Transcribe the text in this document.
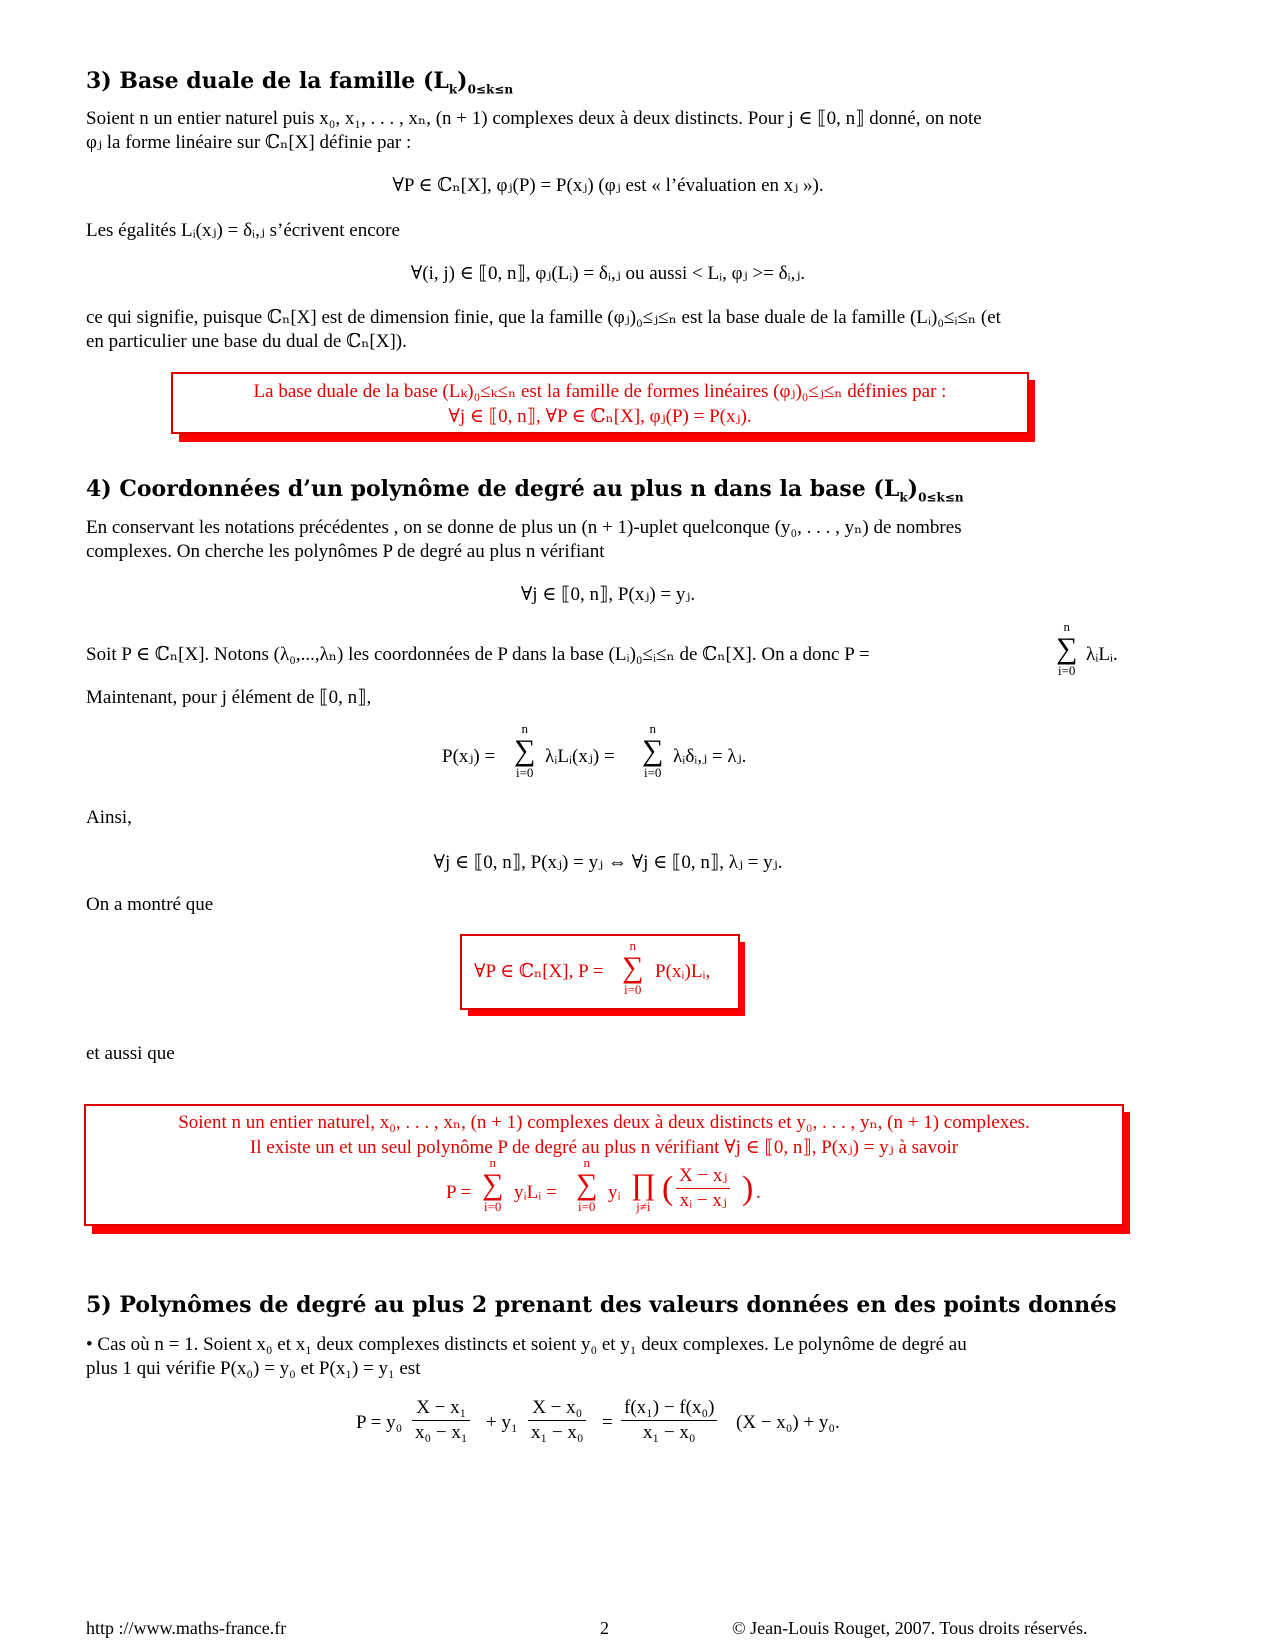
3) Base duale de la famille $(L_k)_{0\le k\le n}$
Soient n un entier naturel puis x₀, x₁, . . . , xₙ, (n + 1) complexes deux à deux distincts. Pour j ∈ ⟦0, n⟧ donné, on note
φⱼ la forme linéaire sur ℂₙ[X] définie par :
∀P ∈ ℂₙ[X], φⱼ(P) = P(xⱼ) (φⱼ est « l’évaluation en xⱼ »).
Les égalités Lᵢ(xⱼ) = δᵢ,ⱼ s’écrivent encore
∀(i, j) ∈ ⟦0, n⟧, φⱼ(Lᵢ) = δᵢ,ⱼ ou aussi < Lᵢ, φⱼ >= δᵢ,ⱼ.
ce qui signifie, puisque ℂₙ[X] est de dimension finie, que la famille (φⱼ)₀≤ⱼ≤ₙ est la base duale de la famille (Lᵢ)₀≤ᵢ≤ₙ (et
en particulier une base du dual de ℂₙ[X]).
La base duale de la base (Lₖ)₀≤ₖ≤ₙ est la famille de formes linéaires (φⱼ)₀≤ⱼ≤ₙ définies par :
∀j ∈ ⟦0, n⟧, ∀P ∈ ℂₙ[X], φⱼ(P) = P(xⱼ).
4) Coordonnées d’un polynôme de degré au plus n dans la base $(L_k)_{0\le k\le n}$
En conservant les notations précédentes , on se donne de plus un (n + 1)-uplet quelconque (y₀, . . . , yₙ) de nombres
complexes. On cherche les polynômes P de degré au plus n vérifiant
∀j ∈ ⟦0, n⟧, P(xⱼ) = yⱼ.
Soit P ∈ ℂₙ[X]. Notons (λ₀,...,λₙ) les coordonnées de P dans la base (Lᵢ)₀≤ᵢ≤ₙ de ℂₙ[X]. On a donc P =
n
∑
i=0
λᵢLᵢ.
Maintenant, pour j élément de ⟦0, n⟧,
P(xⱼ) =
n
∑
i=0
λᵢLᵢ(xⱼ) =
n
∑
i=0
λᵢδᵢ,ⱼ = λⱼ.
Ainsi,
∀j ∈ ⟦0, n⟧, P(xⱼ) = yⱼ ⇔ ∀j ∈ ⟦0, n⟧, λⱼ = yⱼ.
On a montré que
∀P ∈ ℂₙ[X], P =
n
∑
i=0
P(xᵢ)Lᵢ,
et aussi que
Soient n un entier naturel, x₀, . . . , xₙ, (n + 1) complexes deux à deux distincts et y₀, . . . , yₙ, (n + 1) complexes.
Il existe un et un seul polynôme P de degré au plus n vérifiant ∀j ∈ ⟦0, n⟧, P(xⱼ) = yⱼ à savoir
P =
n
∑
i=0
yᵢLᵢ =
n
∑
i=0
yᵢ ∏
j≠i ( $\frac{\text{X − xⱼ}}{\text{xᵢ − xⱼ}}$ ) .
5) Polynômes de degré au plus 2 prenant des valeurs données en des points donnés
• Cas où n = 1. Soient x₀ et x₁ deux complexes distincts et soient y₀ et y₁ deux complexes. Le polynôme de degré au
plus 1 qui vérifie P(x₀) = y₀ et P(x₁) = y₁ est
$P = y_0 \frac{\text{X − x₁}}{\text{x₀ − x₁}} + y_1 \frac{\text{X − x₀}}{\text{x₁ − x₀}} = \frac{\text{f(x₁) − f(x₀)}}{\text{x₁ − x₀}} (X - x_0) + y_0$.
http ://www.maths-france.fr	2	© Jean-Louis Rouget, 2007. Tous droits réservés.
